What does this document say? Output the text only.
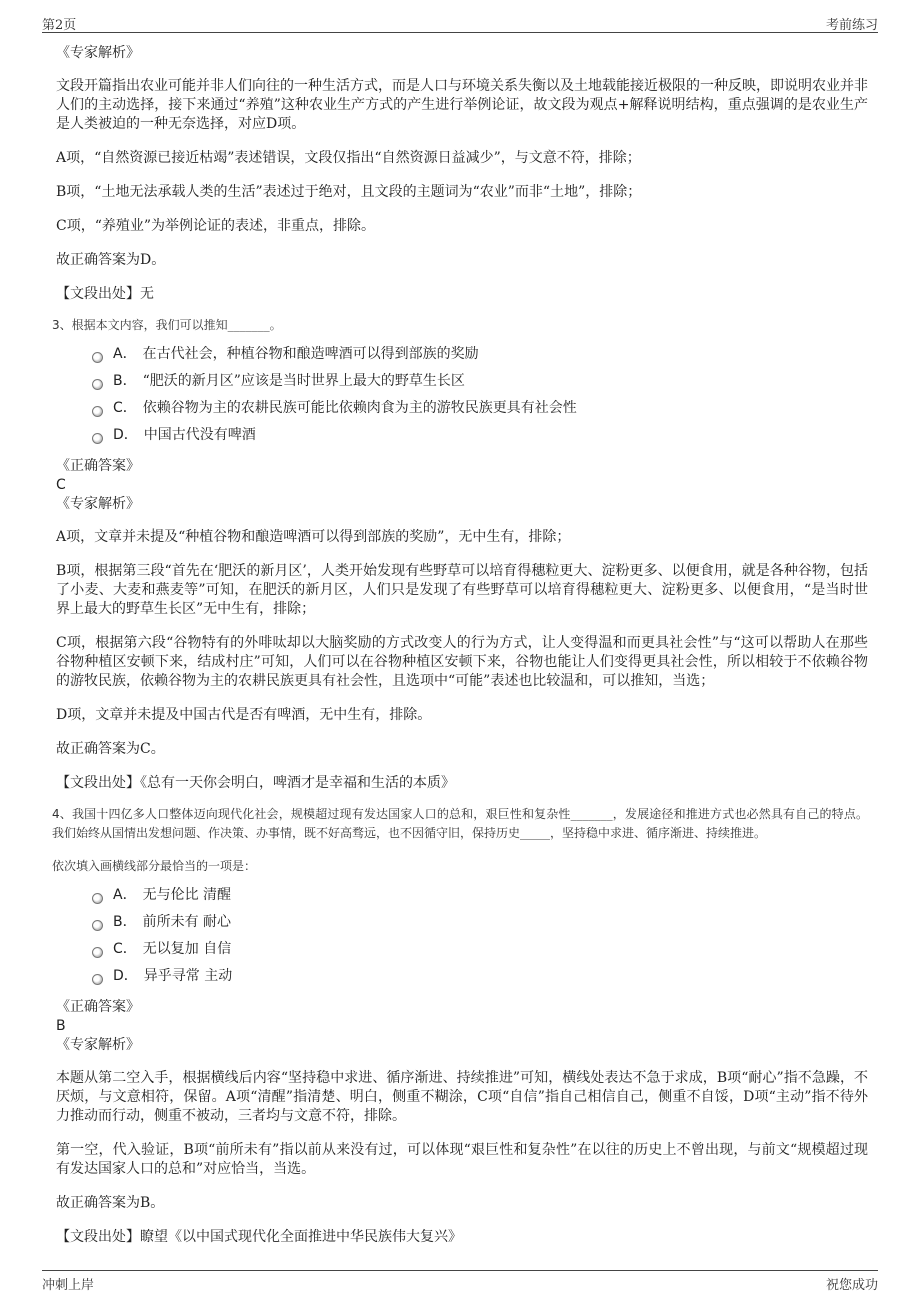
第2页	考前练习

《专家解析》

文段开篇指出农业可能并非人们向往的一种生活方式，而是人口与环境关系失衡以及土地载能接近极限的一种反映，即说明农业并非人们的主动选择，接下来通过“养殖”这种农业生产方式的产生进行举例论证，故文段为观点+解释说明结构，重点强调的是农业生产是人类被迫的一种无奈选择，对应D项。

A项，“自然资源已接近枯竭”表述错误，文段仅指出“自然资源日益减少”，与文意不符，排除；

B项，“土地无法承载人类的生活”表述过于绝对，且文段的主题词为“农业”而非“土地”，排除；

C项，“养殖业”为举例论证的表述，非重点，排除。

故正确答案为D。

【文段出处】无

3、根据本文内容，我们可以推知_______。

A． 在古代社会，种植谷物和酿造啤酒可以得到部族的奖励
B． “肥沃的新月区”应该是当时世界上最大的野草生长区
C． 依赖谷物为主的农耕民族可能比依赖肉食为主的游牧民族更具有社会性
D． 中国古代没有啤酒

《正确答案》

C

《专家解析》

A项，文章并未提及“种植谷物和酿造啤酒可以得到部族的奖励”，无中生有，排除；

B项，根据第三段“首先在‘肥沃的新月区’，人类开始发现有些野草可以培育得穗粒更大、淀粉更多、以便食用，就是各种谷物，包括了小麦、大麦和燕麦等”可知，在肥沃的新月区，人们只是发现了有些野草可以培育得穗粒更大、淀粉更多、以便食用，“是当时世界上最大的野草生长区”无中生有，排除；

C项，根据第六段“谷物特有的外啡呔却以大脑奖励的方式改变人的行为方式，让人变得温和而更具社会性”与“这可以帮助人在那些谷物种植区安顿下来，结成村庄”可知，人们可以在谷物种植区安顿下来，谷物也能让人们变得更具社会性，所以相较于不依赖谷物的游牧民族，依赖谷物为主的农耕民族更具有社会性，且选项中“可能”表述也比较温和，可以推知，当选；

D项，文章并未提及中国古代是否有啤酒，无中生有，排除。

故正确答案为C。

【文段出处】《总有一天你会明白，啤酒才是幸福和生活的本质》

4、我国十四亿多人口整体迈向现代化社会，规模超过现有发达国家人口的总和，艰巨性和复杂性_______，发展途径和推进方式也必然具有自己的特点。我们始终从国情出发想问题、作决策、办事情，既不好高骛远，也不因循守旧，保持历史_____，坚持稳中求进、循序渐进、持续推进。

依次填入画横线部分最恰当的一项是：

A． 无与伦比 清醒
B． 前所未有 耐心
C． 无以复加 自信
D． 异乎寻常 主动

《正确答案》

B

《专家解析》

本题从第二空入手，根据横线后内容“坚持稳中求进、循序渐进、持续推进”可知，横线处表达不急于求成，B项“耐心”指不急躁，不厌烦，与文意相符，保留。A项“清醒”指清楚、明白，侧重不糊涂，C项“自信”指自己相信自己，侧重不自馁，D项“主动”指不待外力推动而行动，侧重不被动，三者均与文意不符，排除。

第一空，代入验证，B项“前所未有”指以前从来没有过，可以体现“艰巨性和复杂性”在以往的历史上不曾出现，与前文“规模超过现有发达国家人口的总和”对应恰当，当选。

故正确答案为B。

【文段出处】瞭望《以中国式现代化全面推进中华民族伟大复兴》

冲刺上岸	祝您成功
